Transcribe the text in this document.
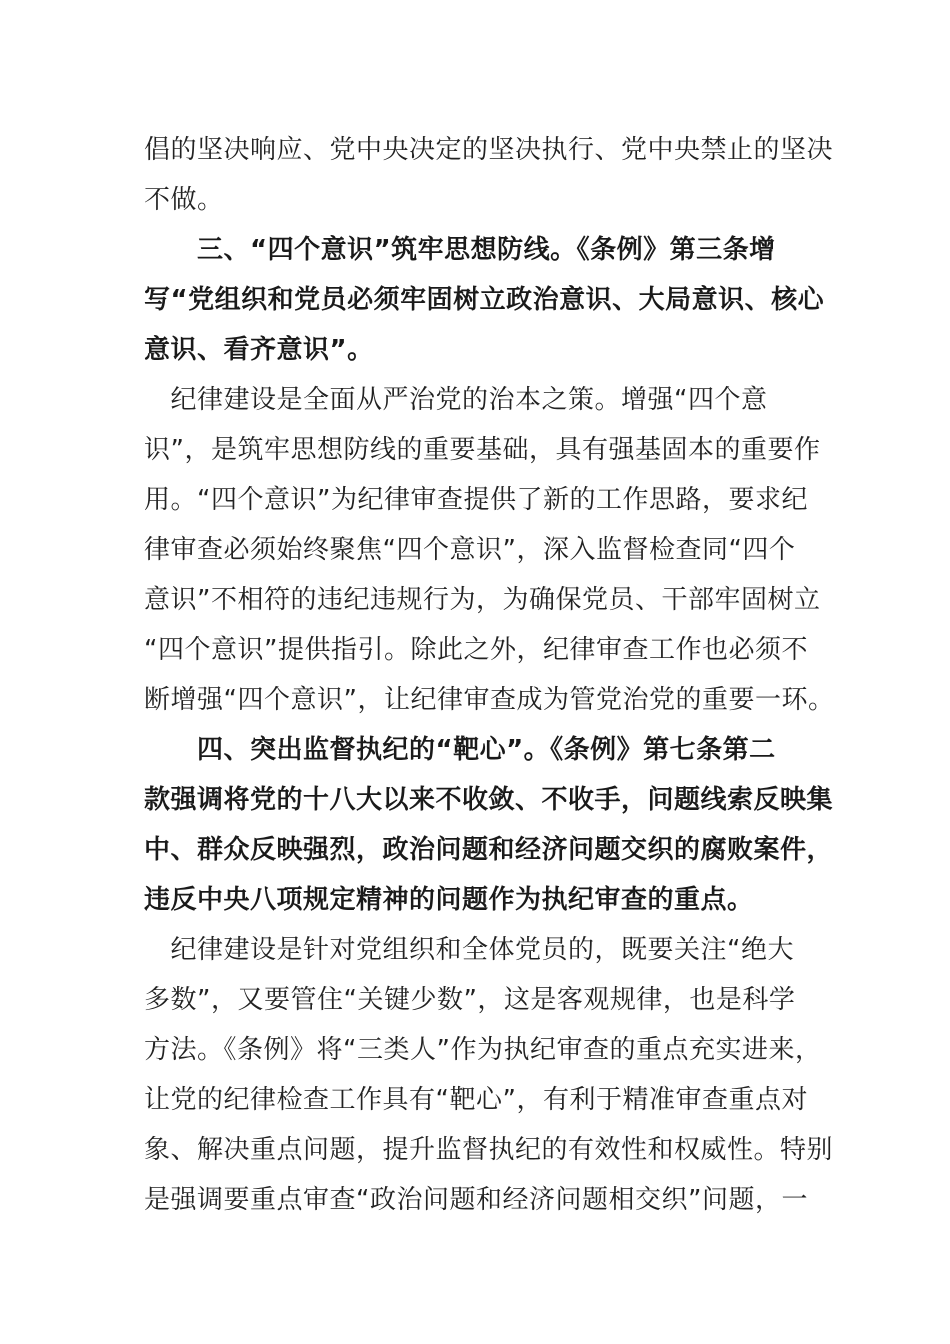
倡的坚决响应、党中央决定的坚决执行、党中央禁止的坚决
不做。
　　三、“四个意识”筑牢思想防线。《条例》第三条增
写“党组织和党员必须牢固树立政治意识、大局意识、核心
意识、看齐意识”。
　纪律建设是全面从严治党的治本之策。增强“四个意
识”，是筑牢思想防线的重要基础，具有强基固本的重要作
用。“四个意识”为纪律审查提供了新的工作思路，要求纪
律审查必须始终聚焦“四个意识”，深入监督检查同“四个
意识”不相符的违纪违规行为，为确保党员、干部牢固树立
“四个意识”提供指引。除此之外，纪律审查工作也必须不
断增强“四个意识”，让纪律审查成为管党治党的重要一环。
　　四、突出监督执纪的“靶心”。《条例》第七条第二
款强调将党的十八大以来不收敛、不收手，问题线索反映集
中、群众反映强烈，政治问题和经济问题交织的腐败案件，
违反中央八项规定精神的问题作为执纪审查的重点。
　纪律建设是针对党组织和全体党员的，既要关注“绝大
多数”，又要管住“关键少数”，这是客观规律，也是科学
方法。《条例》将“三类人”作为执纪审查的重点充实进来，
让党的纪律检查工作具有“靶心”，有利于精准审查重点对
象、解决重点问题，提升监督执纪的有效性和权威性。特别
是强调要重点审查“政治问题和经济问题相交织”问题，一
